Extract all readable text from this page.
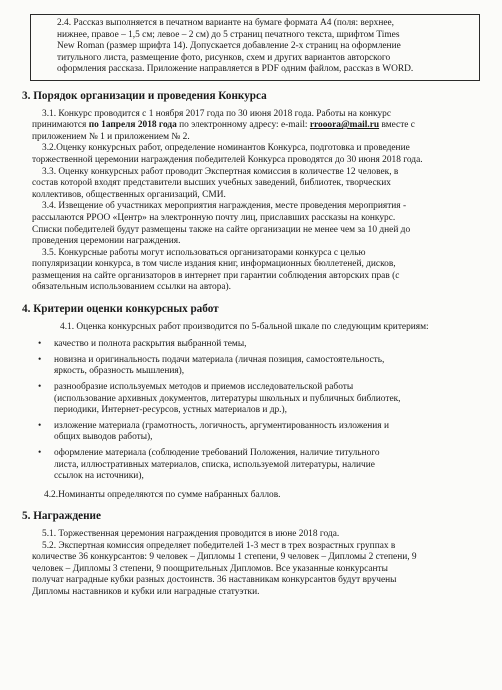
2.4. Рассказ выполняется в печатном варианте на бумаге формата А4 (поля: верхнее,

нижнее, правое – 1,5 см; левое – 2 см) до 5 страниц печатного текста, шрифтом Times

New Roman (размер шрифта 14). Допускается добавление 2-х страниц на оформление

титульного листа, размещение фото, рисунков, схем и других вариантов авторского

оформления рассказа. Приложение направляется в PDF одним файлом, рассказ в WORD.

3. Порядок организации и проведения Конкурса

3.1. Конкурс проводится с 1 ноября 2017 года по 30 июня 2018 года. Работы на конкурс

принимаются по 1апреля 2018 года по электронному адресу: e-mail: rrooora@mail.ru вместе с

приложением № 1 и приложением № 2.

3.2.Оценку конкурсных работ, определение номинантов Конкурса, подготовка и проведение

торжественной церемонии награждения победителей Конкурса проводятся до 30 июня 2018 года.

3.3. Оценку конкурсных работ проводит Экспертная комиссия в количестве 12 человек, в

состав которой входят представители высших учебных заведений, библиотек, творческих

коллективов, общественных организаций, СМИ.

3.4. Извещение об участниках мероприятия награждения, месте проведения мероприятия -

рассылаются РРОО «Центр» на электронную почту лиц, приславших рассказы на конкурс.

Списки победителей будут размещены также на сайте организации не менее чем за 10 дней до

проведения церемонии награждения.

3.5. Конкурсные работы могут использоваться организаторами конкурса с целью

популяризации конкурса, в том числе издания книг, информационных бюллетеней, дисков,

размещения на сайте организаторов в интернет при гарантии соблюдения авторских прав (с

обязательным использованием ссылки на автора).

4. Критерии оценки конкурсных работ

4.1. Оценка конкурсных работ производится по 5-бальной шкале по следующим критериям:

• качество и полнота раскрытия выбранной темы,

• новизна и оригинальность подачи материала (личная позиция, самостоятельность,

яркость, образность мышления),

• разнообразие используемых методов и приемов исследовательской работы

(использование архивных документов, литературы школьных и публичных библиотек,

периодики, Интернет-ресурсов, устных материалов и др.),

• изложение материала (грамотность, логичность, аргументированность изложения и

общих выводов работы),

• оформление материала (соблюдение требований Положения, наличие титульного

листа, иллюстративных материалов, списка, используемой литературы, наличие

ссылок на источники),

4.2.Номинанты определяются по сумме набранных баллов.

5. Награждение

5.1. Торжественная церемония награждения проводится в июне 2018 года.

5.2. Экспертная комиссия определяет победителей 1-3 мест в трех возрастных группах в

количестве 36 конкурсантов: 9 человек – Дипломы 1 степени, 9 человек – Дипломы 2 степени, 9

человек – Дипломы 3 степени, 9 поощрительных Дипломов. Все указанные конкурсанты

получат наградные кубки разных достоинств. 36 наставникам конкурсантов будут вручены

Дипломы наставников и кубки или наградные статуэтки.
